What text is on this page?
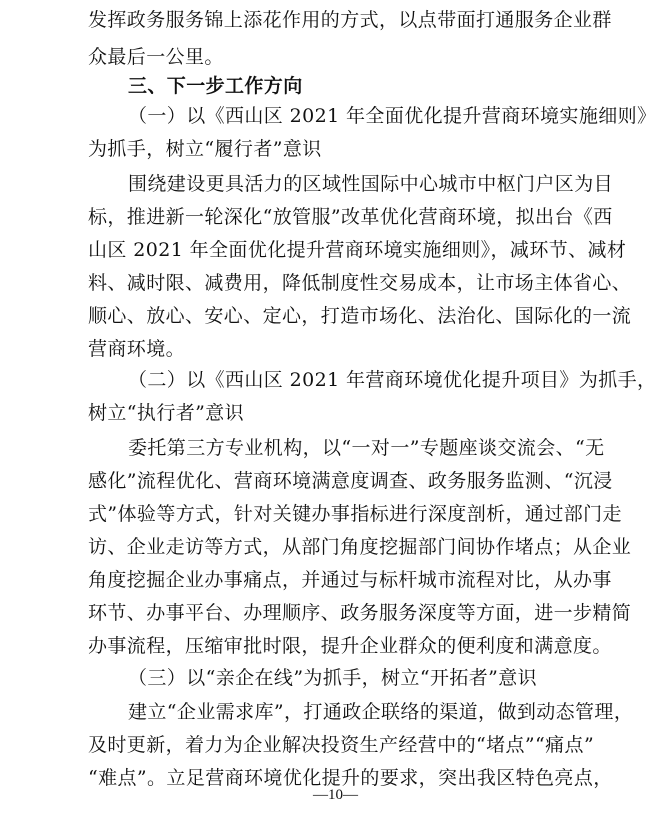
发挥政务服务锦上添花作用的方式，以点带面打通服务企业群
众最后一公里。
三、下一步工作方向
（一）以《西山区 2021 年全面优化提升营商环境实施细则》
为抓手，树立“履行者”意识
围绕建设更具活力的区域性国际中心城市中枢门户区为目
标，推进新一轮深化“放管服”改革优化营商环境，拟出台《西
山区 2021 年全面优化提升营商环境实施细则》，减环节、减材
料、减时限、减费用，降低制度性交易成本，让市场主体省心、
顺心、放心、安心、定心，打造市场化、法治化、国际化的一流
营商环境。
（二）以《西山区 2021 年营商环境优化提升项目》为抓手，
树立“执行者”意识
委托第三方专业机构，以“一对一”专题座谈交流会、“无
感化”流程优化、营商环境满意度调查、政务服务监测、“沉浸
式”体验等方式，针对关键办事指标进行深度剖析，通过部门走
访、企业走访等方式，从部门角度挖掘部门间协作堵点；从企业
角度挖掘企业办事痛点，并通过与标杆城市流程对比，从办事
环节、办事平台、办理顺序、政务服务深度等方面，进一步精简
办事流程，压缩审批时限，提升企业群众的便利度和满意度。
（三）以“亲企在线”为抓手，树立“开拓者”意识
建立“企业需求库”，打通政企联络的渠道，做到动态管理，
及时更新，着力为企业解决投资生产经营中的“堵点”“痛点”
“难点”。立足营商环境优化提升的要求，突出我区特色亮点，
—10—
